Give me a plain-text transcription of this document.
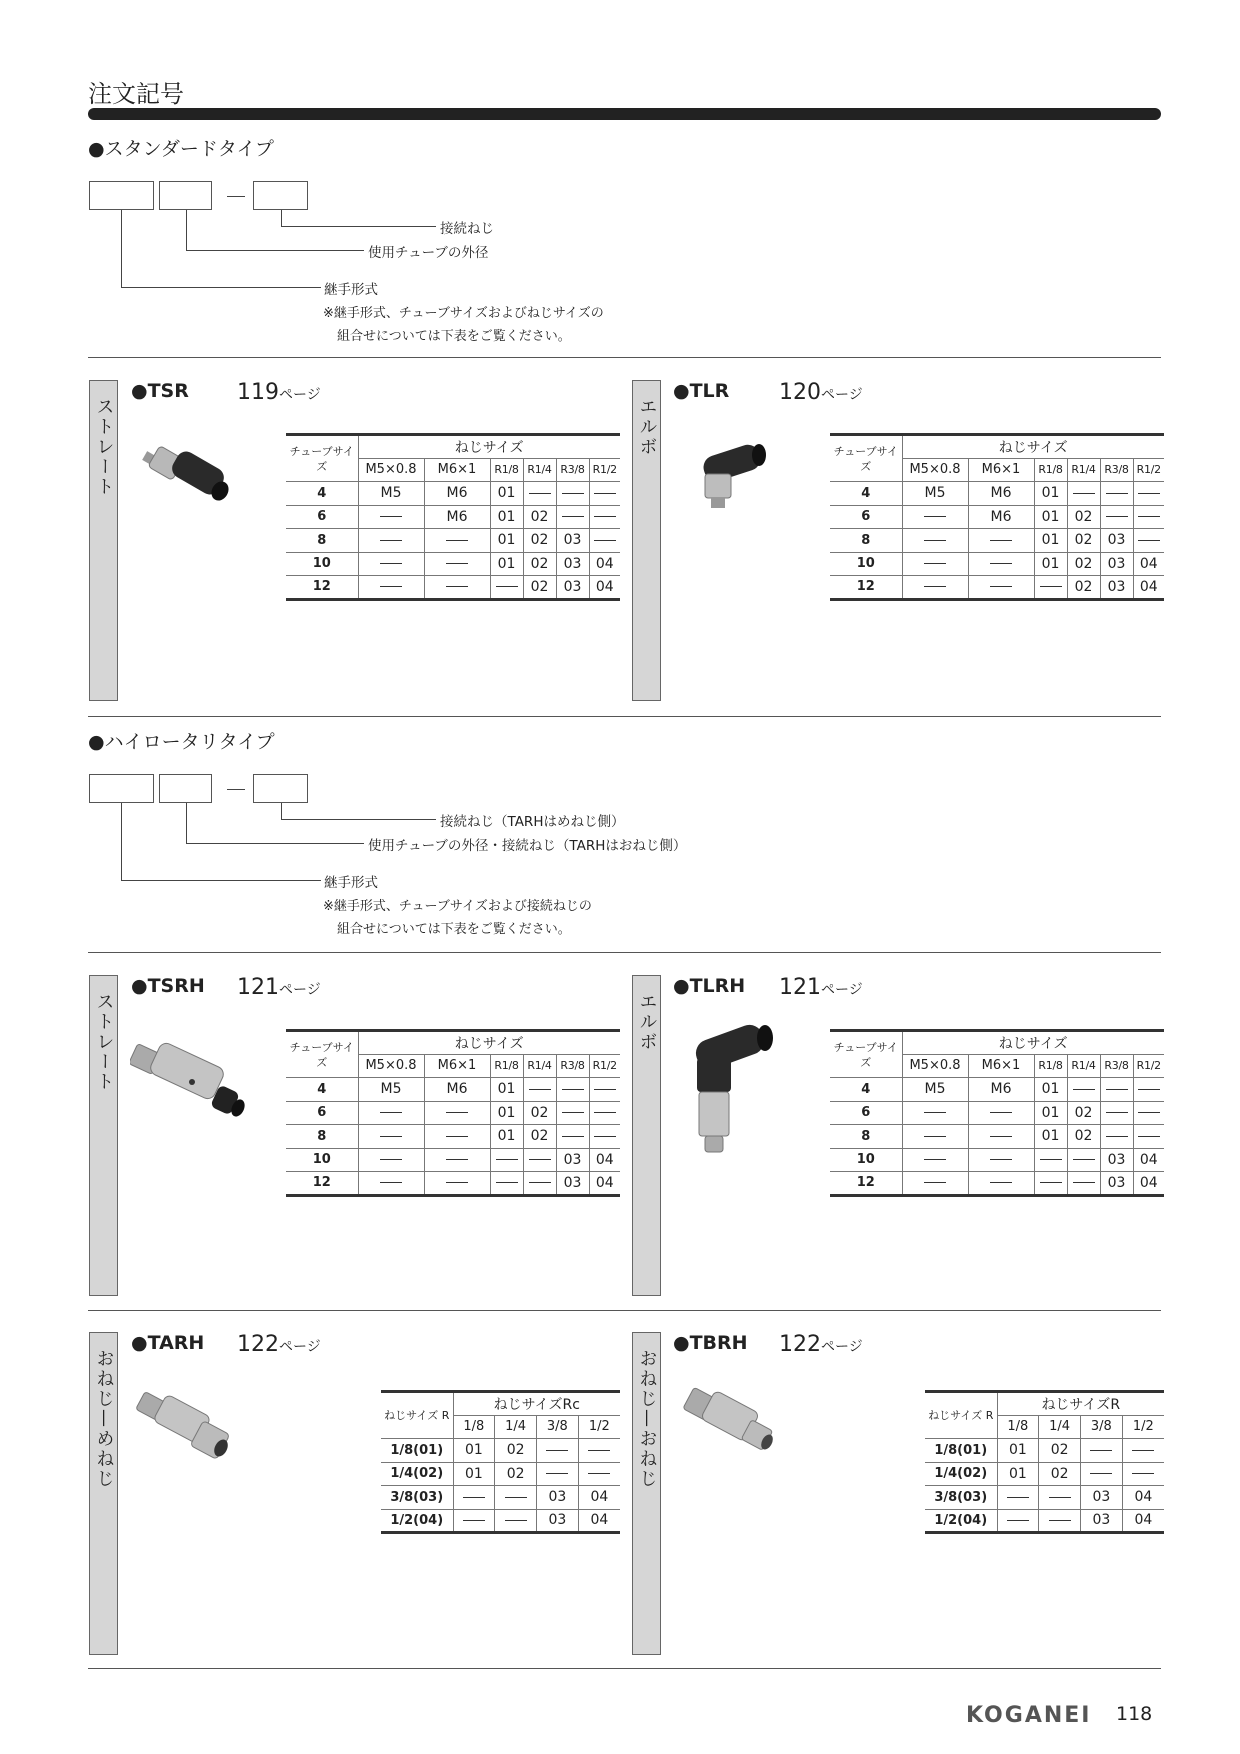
注文記号
●スタンダードタイプ
接続ねじ
使用チューブの外径
継手形式
※継手形式、チューブサイズおよびねじサイズの
組合せについては下表をご覧ください。
ストレート
●TSR 119ページ
エルボ
●TLR 120ページ
●ハイロータリタイプ
接続ねじ（TARHはめねじ側）
使用チューブの外径・接続ねじ（TARHはおねじ側）
継手形式
※継手形式、チューブサイズおよび接続ねじの
組合せについては下表をご覧ください。
ストレート
●TSRH 121ページ
エルボ
●TLRH 121ページ
おねじ—めねじ
●TARH 122ページ
おねじ—おねじ
●TBRH 122ページ
KOGANEI 118
チューブサイズ	ねじサイズ					
	M5×0.8	M6×1	R1/8	R1/4	R3/8	R1/2
4	M5	M6	01			
6		M6	01	02		
8			01	02	03	
10			01	02	03	04
12				02	03	04
チューブサイズ	ねじサイズ					
	M5×0.8	M6×1	R1/8	R1/4	R3/8	R1/2
4	M5	M6	01			
6		M6	01	02		
8			01	02	03	
10			01	02	03	04
12				02	03	04
チューブサイズ	ねじサイズ					
	M5×0.8	M6×1	R1/8	R1/4	R3/8	R1/2
4	M5	M6	01			
6			01	02		
8			01	02		
10					03	04
12					03	04
チューブサイズ	ねじサイズ					
	M5×0.8	M6×1	R1/8	R1/4	R3/8	R1/2
4	M5	M6	01			
6			01	02		
8			01	02		
10					03	04
12					03	04
ねじサイズ R	ねじサイズRc			
	1/8	1/4	3/8	1/2
1/8(01)	01	02		
1/4(02)	01	02		
3/8(03)			03	04
1/2(04)			03	04
ねじサイズ R	ねじサイズR			
	1/8	1/4	3/8	1/2
1/8(01)	01	02		
1/4(02)	01	02		
3/8(03)			03	04
1/2(04)			03	04
